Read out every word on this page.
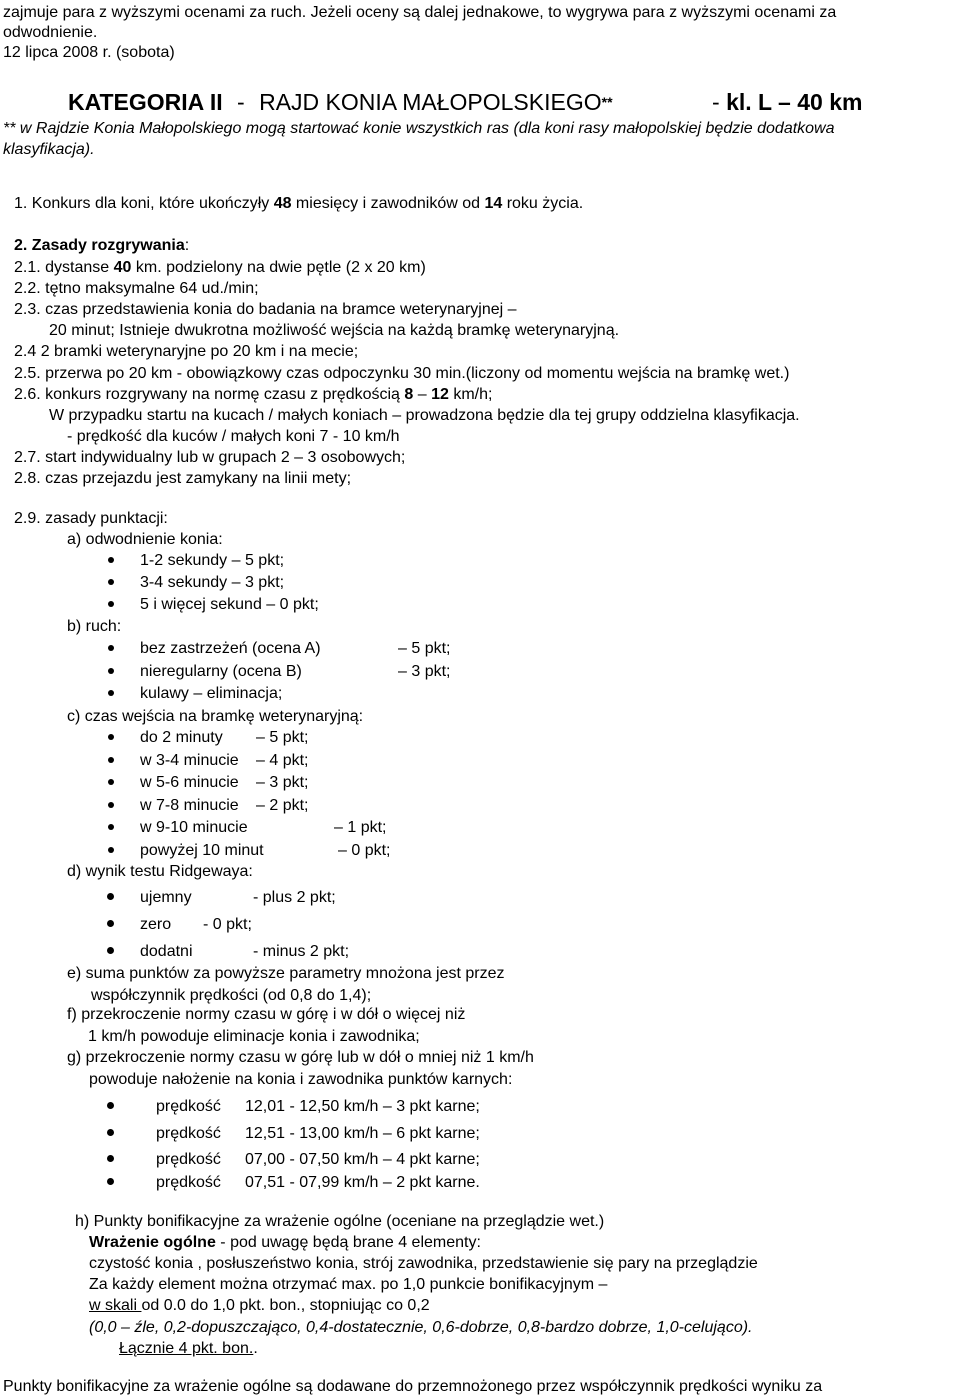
zajmuje para z wyższymi ocenami za ruch. Jeżeli oceny są dalej jednakowe, to wygrywa para z wyższymi ocenami za
odwodnienie.
12 lipca 2008 r. (sobota)
KATEGORIA II - RAJD KONIA MAŁOPOLSKIEGO**	- kl. L – 40 km
** w Rajdzie Konia Małopolskiego mogą startować konie wszystkich ras (dla koni rasy małopolskiej będzie dodatkowa
klasyfikacja).
1. Konkurs dla koni, które ukończyły 48 miesięcy i zawodników od 14 roku życia.
2. Zasady rozgrywania:
2.1. dystanse 40 km. podzielony na dwie pętle (2 x 20 km)
2.2. tętno maksymalne 64 ud./min;
2.3. czas przedstawienia konia do badania na bramce weterynaryjnej –
20 minut; Istnieje dwukrotna możliwość wejścia na każdą bramkę weterynaryjną.
2.4 2 bramki weterynaryjne po 20 km i na mecie;
2.5. przerwa po 20 km - obowiązkowy czas odpoczynku 30 min.(liczony od momentu wejścia na bramkę wet.)
2.6. konkurs rozgrywany na normę czasu z prędkością 8 – 12 km/h;
W przypadku startu na kucach / małych koniach – prowadzona będzie dla tej grupy oddzielna klasyfikacja.
- prędkość dla kuców / małych koni 7 - 10 km/h
2.7. start indywidualny lub w grupach 2 – 3 osobowych;
2.8. czas przejazdu jest zamykany na linii mety;
2.9. zasady punktacji:
a) odwodnienie konia:
1-2 sekundy – 5 pkt;
3-4 sekundy – 3 pkt;
5 i więcej sekund – 0 pkt;
b) ruch:
bez zastrzeżeń (ocena A)	– 5 pkt;
nieregularny (ocena B)	– 3 pkt;
kulawy – eliminacja;
c) czas wejścia na bramkę weterynaryjną:
do 2 minuty – 5 pkt;
w 3-4 minucie – 4 pkt;
w 5-6 minucie – 3 pkt;
w 7-8 minucie – 2 pkt;
w 9-10 minucie	– 1 pkt;
powyżej 10 minut	– 0 pkt;
d) wynik testu Ridgewaya:
ujemny	- plus 2 pkt;
zero - 0 pkt;
dodatni	- minus 2 pkt;
e) suma punktów za powyższe parametry mnożona jest przez
współczynnik prędkości (od 0,8 do 1,4);
f) przekroczenie normy czasu w górę i w dół o więcej niż
1 km/h powoduje eliminacje konia i zawodnika;
g) przekroczenie normy czasu w górę lub w dół o mniej niż 1 km/h
powoduje nałożenie na konia i zawodnika punktów karnych:
prędkość 12,01 - 12,50 km/h – 3 pkt karne;
prędkość 12,51 - 13,00 km/h – 6 pkt karne;
prędkość 07,00 - 07,50 km/h – 4 pkt karne;
prędkość 07,51 - 07,99 km/h – 2 pkt karne.
h) Punkty bonifikacyjne za wrażenie ogólne (oceniane na przeglądzie wet.)
Wrażenie ogólne - pod uwagę będą brane 4 elementy:
czystość konia , posłuszeństwo konia, strój zawodnika, przedstawienie się pary na przeglądzie
Za każdy element można otrzymać max. po 1,0 punkcie bonifikacyjnym –
w skali od 0.0 do 1,0 pkt. bon., stopniując co 0,2
(0,0 – źle, 0,2-dopuszczająco, 0,4-dostatecznie, 0,6-dobrze, 0,8-bardzo dobrze, 1,0-celująco).
Łącznie 4 pkt. bon..
Punkty bonifikacyjne za wrażenie ogólne są dodawane do przemnożonego przez współczynnik prędkości wyniku za
